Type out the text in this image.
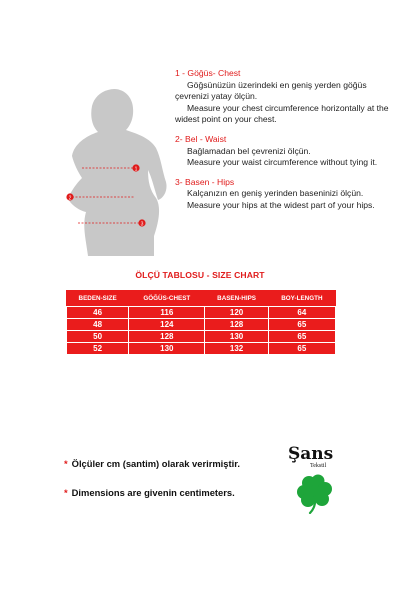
1
2
3
1 - Göğüs- Chest
Göğsünüzün üzerindeki en geniş yerden göğüs çevrenizi yatay ölçün.
Measure your chest circumference horizontally at the widest point on your chest.
2- Bel - Waist
Bağlamadan bel çevrenizi ölçün.
Measure your waist circumference without tying it.
3- Basen - Hips
Kalçanızın en geniş yerinden baseninizi ölçün.
Measure your hips at the widest part of your hips.
ÖLÇÜ TABLOSU - SIZE CHART
BEDEN-SIZE	GÖĞÜS-CHEST	BASEN-HIPS	BOY-LENGTH
46	116	120	64
48	124	128	65
50	128	130	65
52	130	132	65
* Ölçüler cm (santim) olarak verirmiştir.
* Dimensions are givenin centimeters.
Şans
Tekstil
